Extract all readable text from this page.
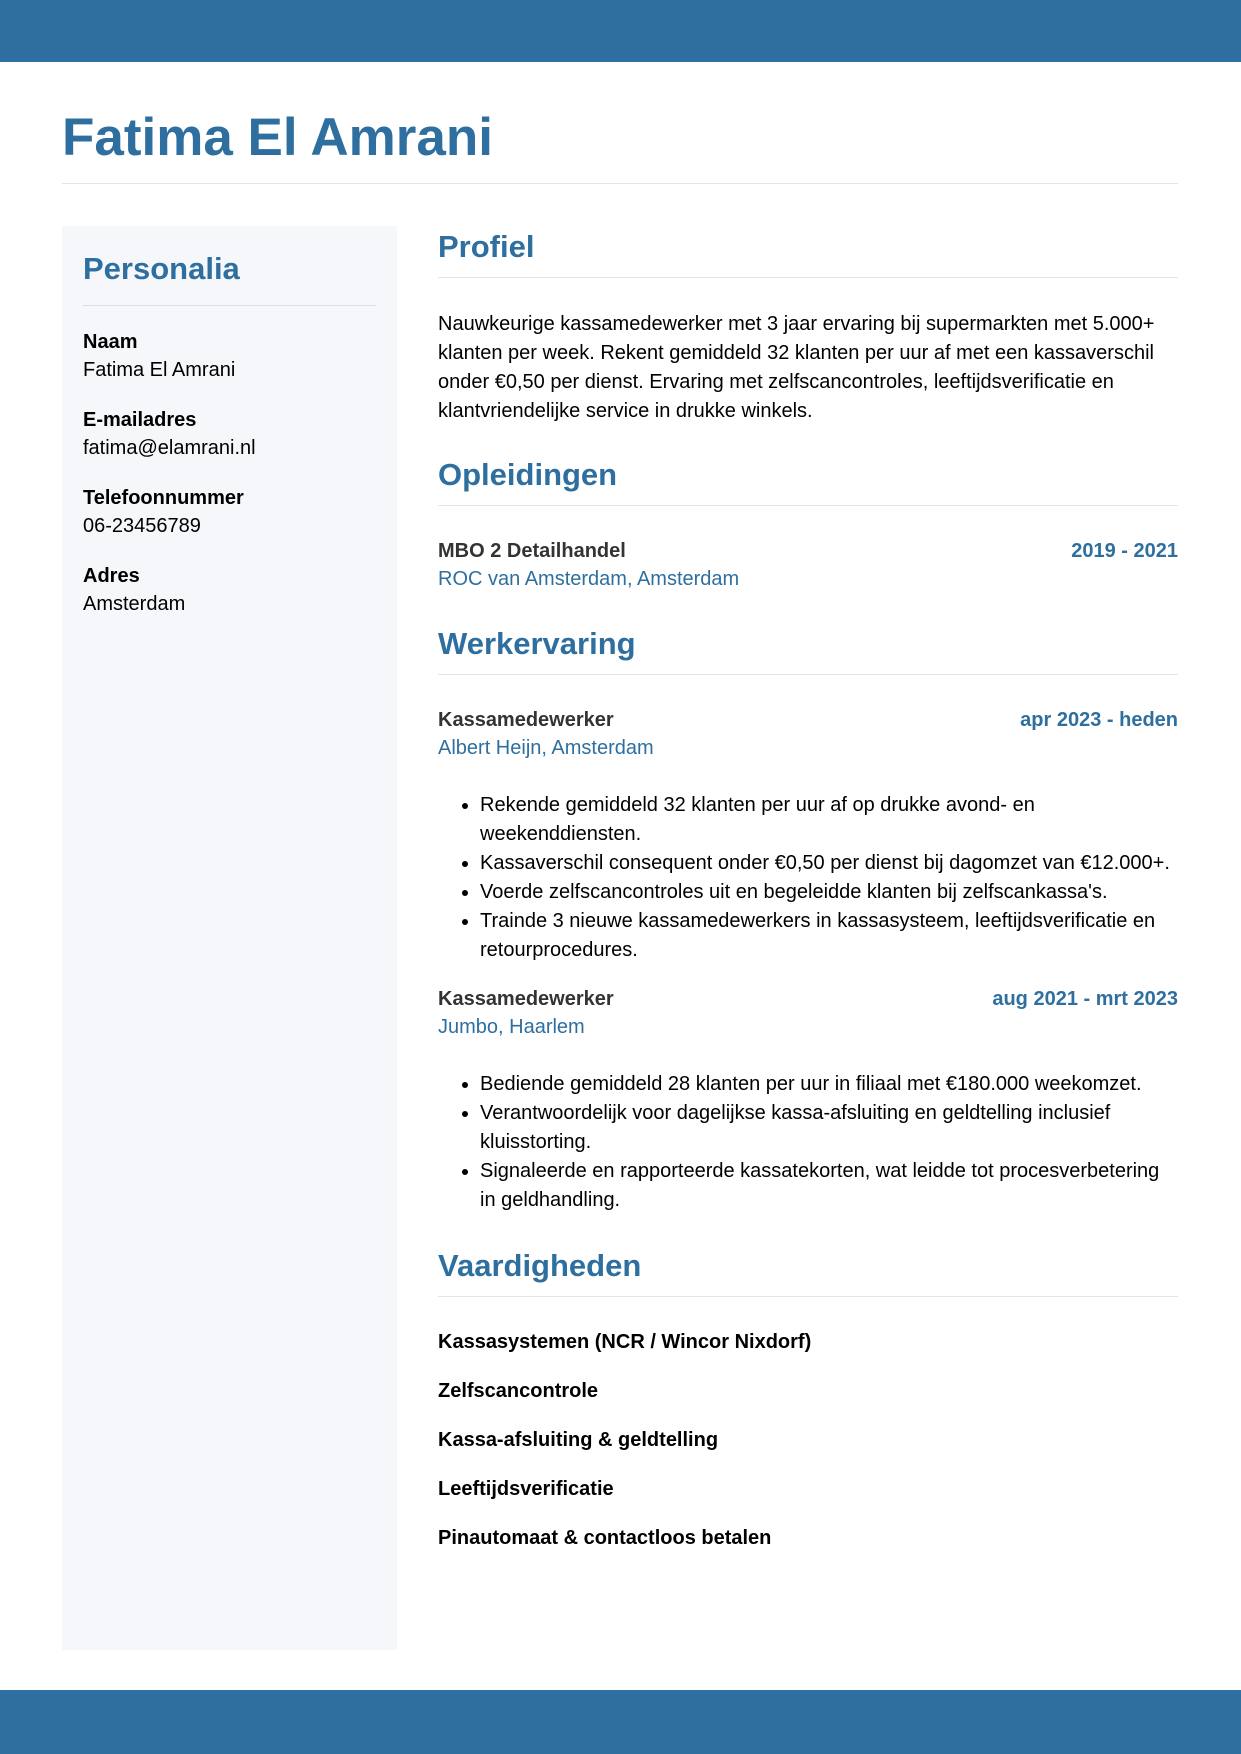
Fatima El Amrani
Personalia
Naam
Fatima El Amrani
E-mailadres
fatima@elamrani.nl
Telefoonnummer
06-23456789
Adres
Amsterdam
Profiel

Nauwkeurige kassamedewerker met 3 jaar ervaring bij supermarkten met 5.000+ klanten per week. Rekent gemiddeld 32 klanten per uur af met een kassaverschil onder €0,50 per dienst. Ervaring met zelfscancontroles, leeftijdsverificatie en klantvriendelijke service in drukke winkels.

Opleidingen
MBO 2 Detailhandel	2019 - 2021
ROC van Amsterdam, Amsterdam
Werkervaring
Kassamedewerker	apr 2023 - heden
Albert Heijn, Amsterdam
• Rekende gemiddeld 32 klanten per uur af op drukke avond- en weekenddiensten.
• Kassaverschil consequent onder €0,50 per dienst bij dagomzet van €12.000+.
• Voerde zelfscancontroles uit en begeleidde klanten bij zelfscankassa's.
• Trainde 3 nieuwe kassamedewerkers in kassasysteem, leeftijdsverificatie en retourprocedures.
Kassamedewerker	aug 2021 - mrt 2023
Jumbo, Haarlem
• Bediende gemiddeld 28 klanten per uur in filiaal met €180.000 weekomzet.
• Verantwoordelijk voor dagelijkse kassa-afsluiting en geldtelling inclusief kluisstorting.
• Signaleerde en rapporteerde kassatekorten, wat leidde tot procesverbetering in geldhandling.
Vaardigheden
Kassasystemen (NCR / Wincor Nixdorf)
Zelfscancontrole
Kassa-afsluiting & geldtelling
Leeftijdsverificatie
Pinautomaat & contactloos betalen
